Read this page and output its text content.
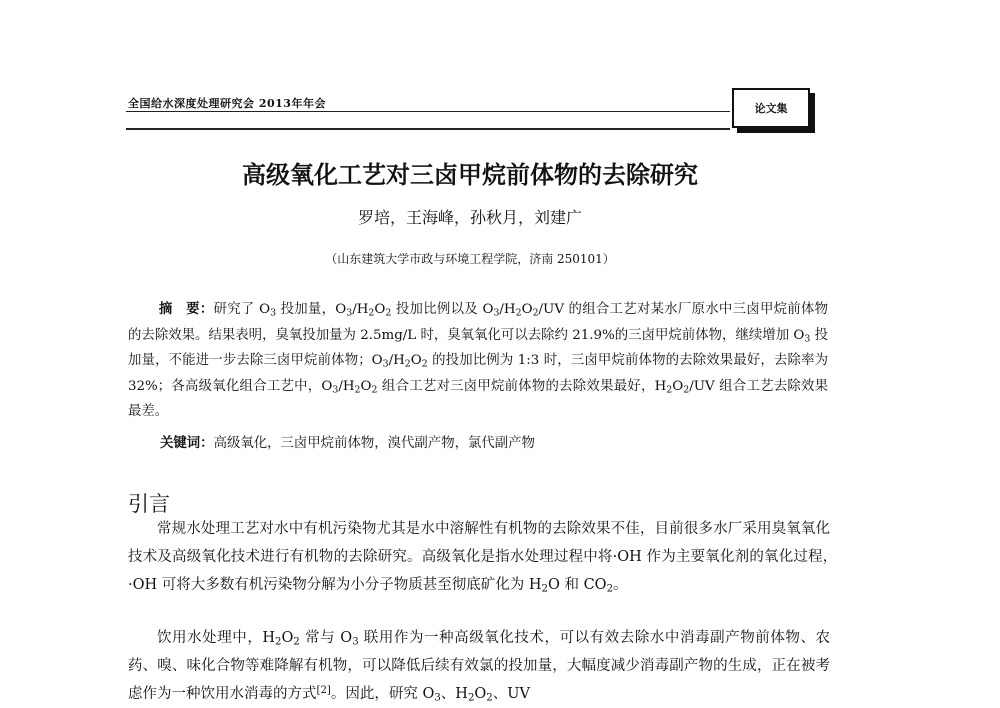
全国给水深度处理研究会 2013年年会	论文集
高级氧化工艺对三卤甲烷前体物的去除研究
罗培，王海峰，孙秋月，刘建广
（山东建筑大学市政与环境工程学院，济南 250101）
摘　要：研究了 $O_3$ 投加量，$O_3/H_2O_2$ 投加比例以及 $O_3/H_2O_2/UV$ 的组合工艺对某水厂原水中三卤甲烷前体物的去除效果。结果表明，臭氧投加量为 2.5mg/L 时，臭氧氧化可以去除约 21.9%的三卤甲烷前体物，继续增加 $O_3$ 投加量，不能进一步去除三卤甲烷前体物；$O_3/H_2O_2$ 的投加比例为 1:3 时，三卤甲烷前体物的去除效果最好，去除率为 32%；各高级氧化组合工艺中，$O_3/H_2O_2$ 组合工艺对三卤甲烷前体物的去除效果最好，$H_2O_2/UV$ 组合工艺去除效果最差。
关键词：高级氧化，三卤甲烷前体物，溴代副产物，氯代副产物
引言
常规水处理工艺对水中有机污染物尤其是水中溶解性有机物的去除效果不佳，目前很多水厂采用臭氧氧化技术及高级氧化技术进行有机物的去除研究。高级氧化是指水处理过程中将·OH 作为主要氧化剂的氧化过程，·OH 可将大多数有机污染物分解为小分子物质甚至彻底矿化为 $H_2O$ 和 $CO_2$。
饮用水处理中，$H_2O_2$ 常与 $O_3$ 联用作为一种高级氧化技术，可以有效去除水中消毒副产物前体物、农药、嗅、味化合物等难降解有机物，可以降低后续有效氯的投加量，大幅度减少消毒副产物的生成，正在被考虑作为一种饮用水消毒的方式[2]。因此，研究 $O_3$、$H_2O_2$、UV
